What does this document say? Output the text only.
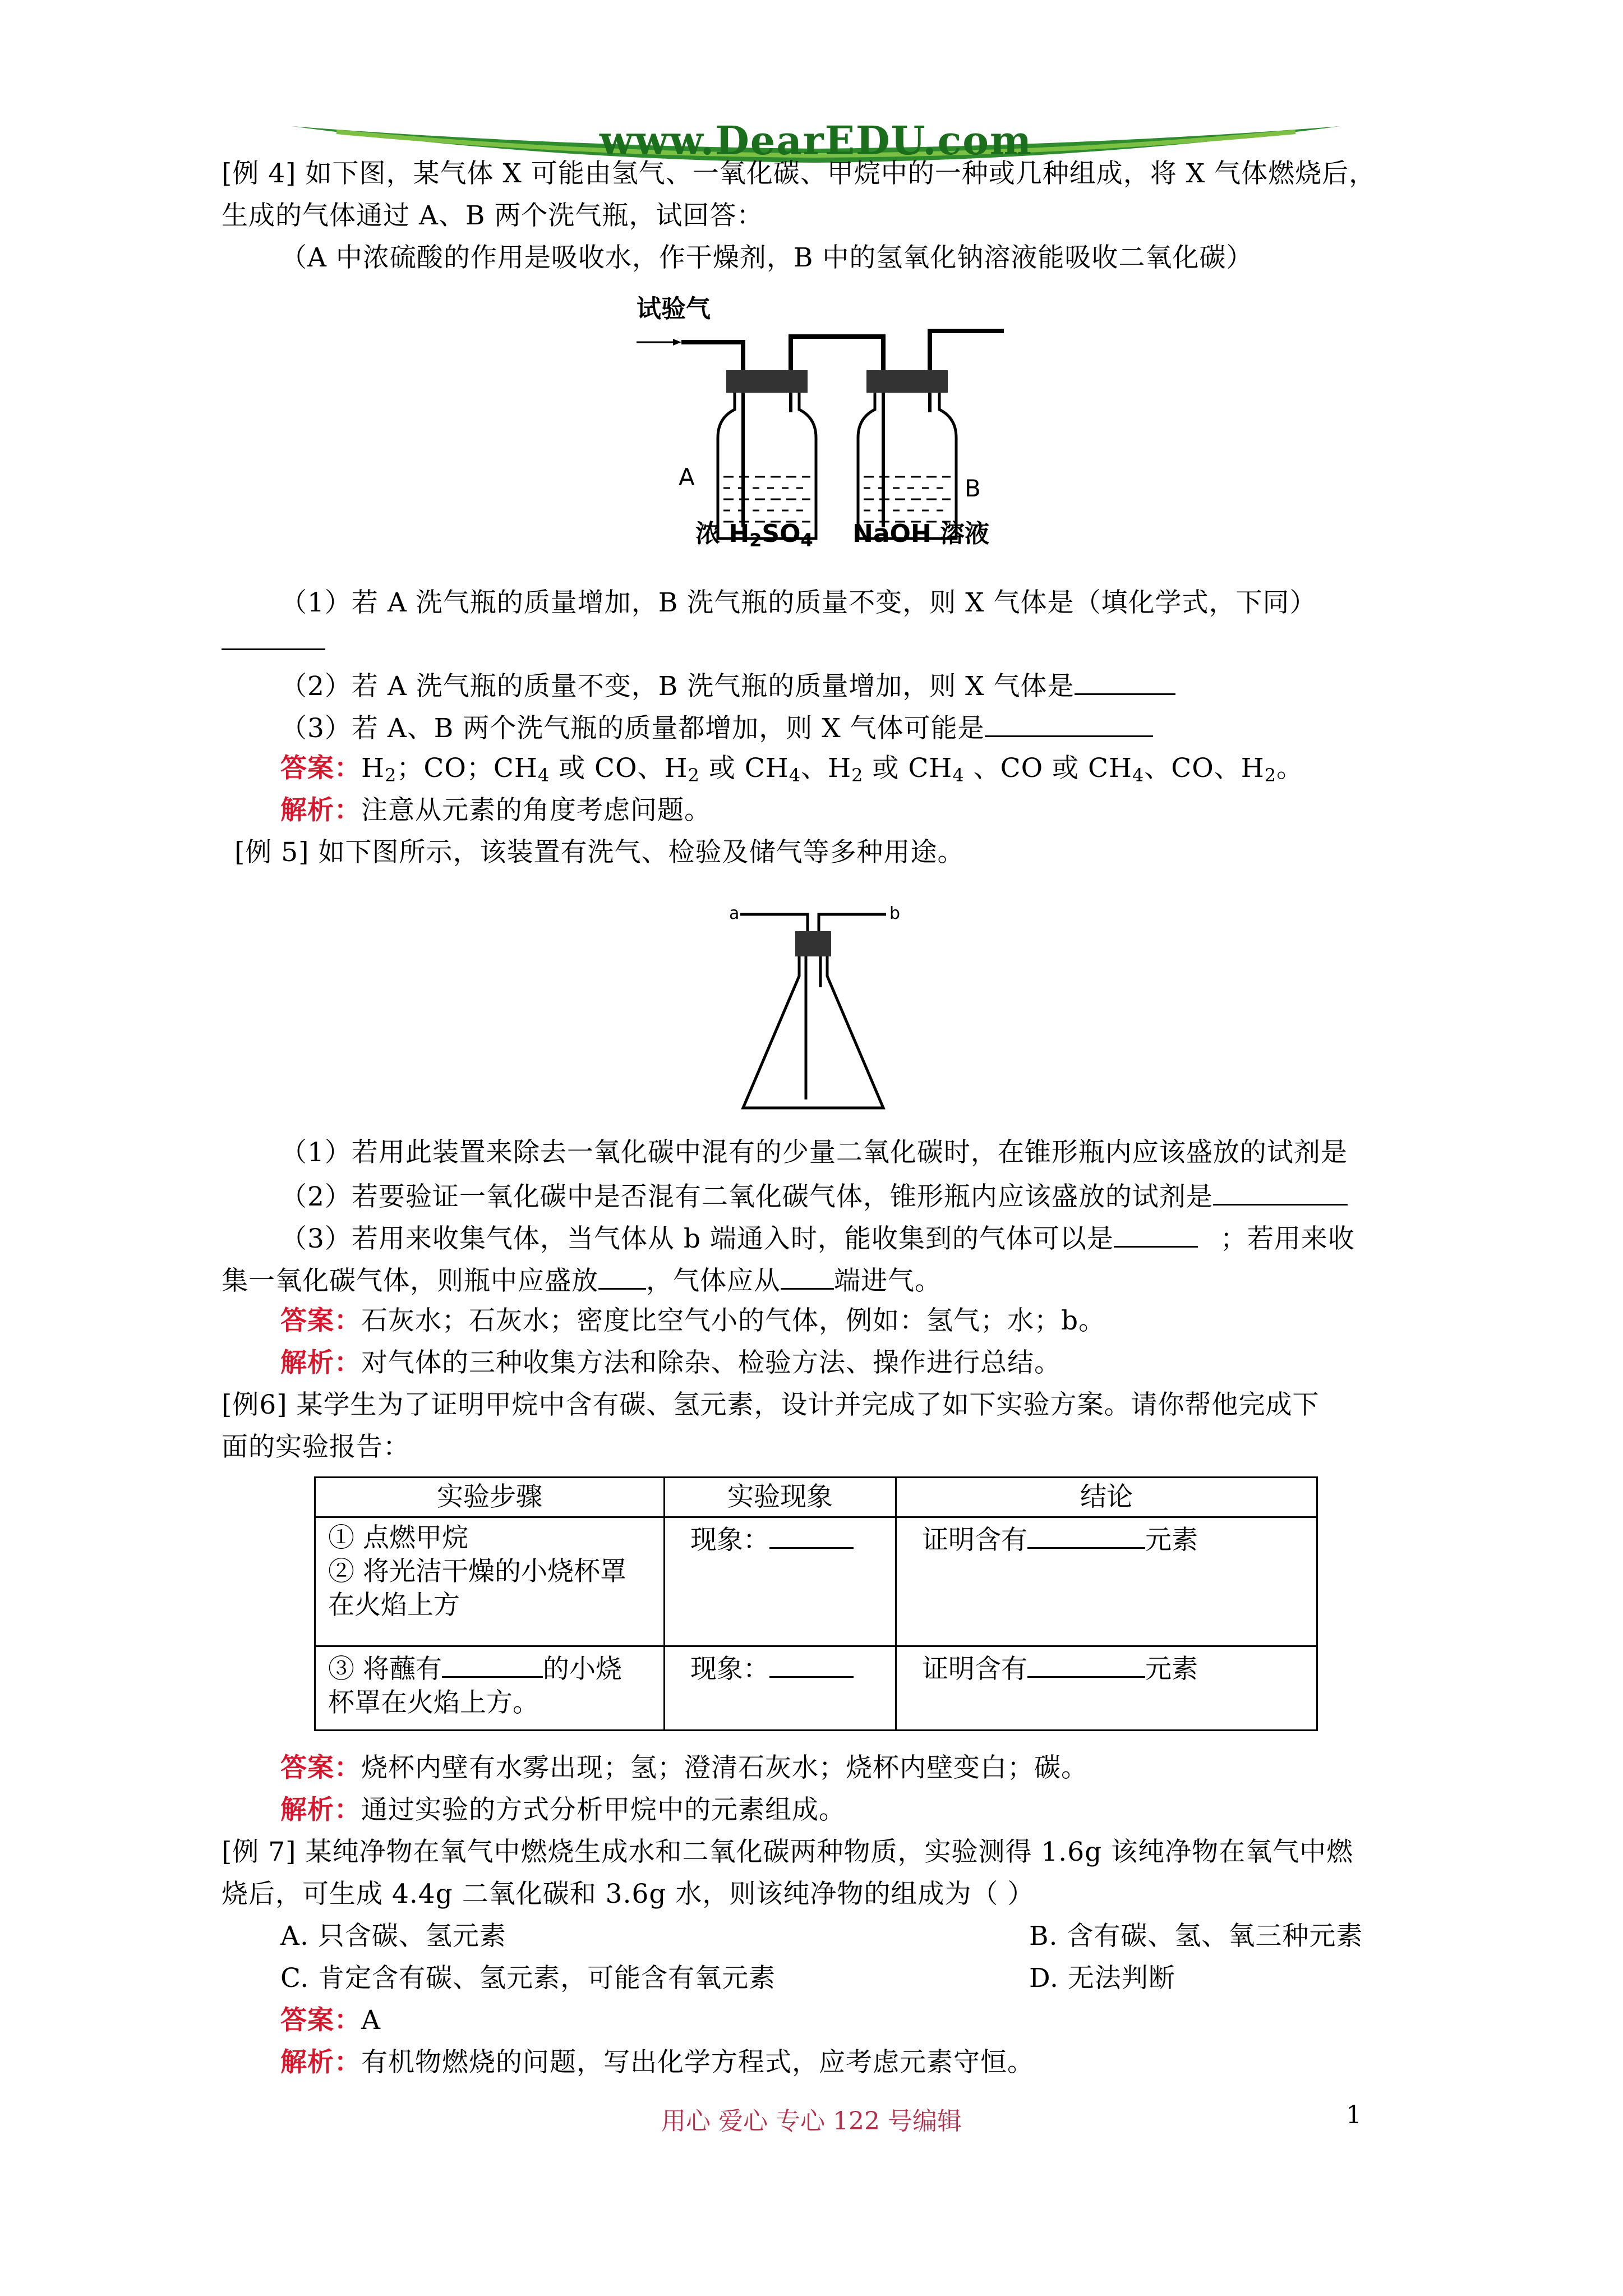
www.DearEDU.com
[例 4] 如下图，某气体 X 可能由氢气、一氧化碳、甲烷中的一种或几种组成，将 X 气体燃烧后，
生成的气体通过 A、B 两个洗气瓶，试回答：
（A 中浓硫酸的作用是吸收水，作干燥剂，B 中的氢氧化钠溶液能吸收二氧化碳）
试验气
A	B
浓 $H_2SO_4$ NaOH 溶液
（1）若 A 洗气瓶的质量增加，B 洗气瓶的质量不变，则 X 气体是（填化学式，下同）
（2）若 A 洗气瓶的质量不变，B 洗气瓶的质量增加，则 X 气体是
（3）若 A、B 两个洗气瓶的质量都增加，则 X 气体可能是
答案：$H_2$；CO；$CH_4$ 或 CO、$H_2$ 或 $CH_4$、$H_2$ 或 $CH_4$ 、CO 或 $CH_4$、CO、$H_2$。
解析：注意从元素的角度考虑问题。
[例 5] 如下图所示，该装置有洗气、检验及储气等多种用途。
a	b
（1）若用此装置来除去一氧化碳中混有的少量二氧化碳时，在锥形瓶内应该盛放的试剂是
（2）若要验证一氧化碳中是否混有二氧化碳气体，锥形瓶内应该盛放的试剂是
（3）若用来收集气体，当气体从 b 端通入时，能收集到的气体可以是	；若用来收
集一氧化碳气体，则瓶中应盛放 ，气体应从 端进气。
答案：石灰水；石灰水；密度比空气小的气体，例如：氢气；水；b。
解析：对气体的三种收集方法和除杂、检验方法、操作进行总结。
[例6] 某学生为了证明甲烷中含有碳、氢元素，设计并完成了如下实验方案。请你帮他完成下
面的实验报告：
实验步骤	实验现象	结论

① 点燃甲烷
② 将光洁干燥的小烧杯罩
在火焰上方	现象：	证明含有 元素

③ 将蘸有 的小烧
杯罩在火焰上方。	现象：	证明含有 元素
答案：烧杯内壁有水雾出现；氢；澄清石灰水；烧杯内壁变白；碳。
解析：通过实验的方式分析甲烷中的元素组成。
[例 7] 某纯净物在氧气中燃烧生成水和二氧化碳两种物质，实验测得 1.6g 该纯净物在氧气中燃
烧后，可生成 4.4g 二氧化碳和 3.6g 水，则该纯净物的组成为（ ）
A. 只含碳、氢元素	B. 含有碳、氢、氧三种元素
C. 肯定含有碳、氢元素，可能含有氧元素	D. 无法判断
答案：A
解析：有机物燃烧的问题，写出化学方程式，应考虑元素守恒。
用心 爱心 专心 122 号编辑	1
